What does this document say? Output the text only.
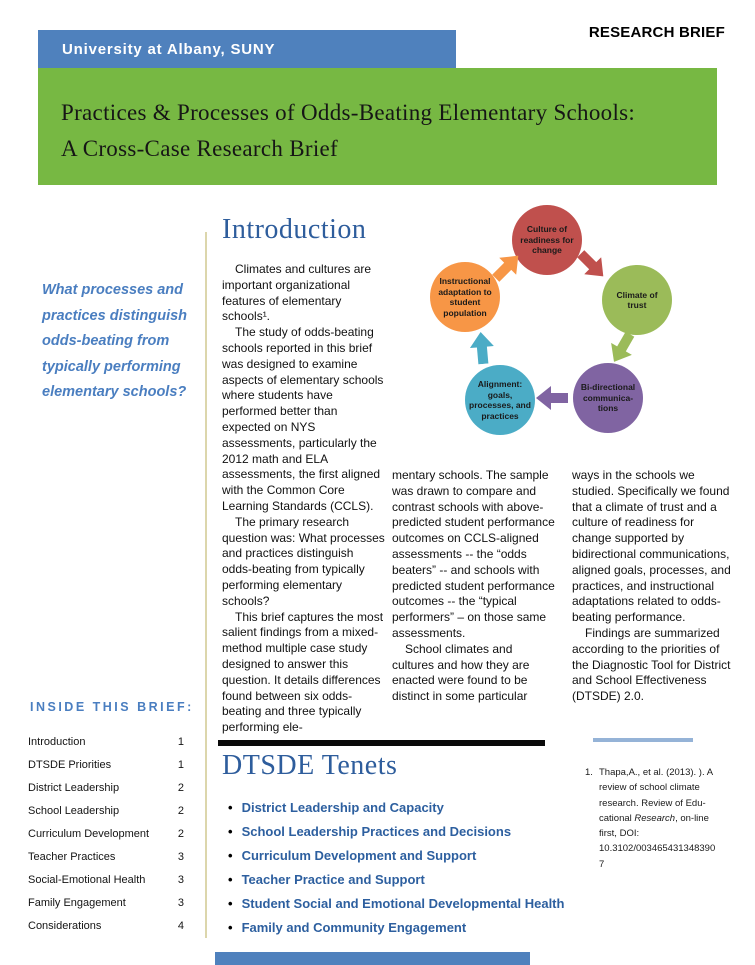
RESEARCH BRIEF
University at Albany, SUNY
Practices & Processes of Odds-Beating Elementary Schools:
A Cross-Case Research Brief
What processes and practices distinguish odds-beating from typically performing elementary schools?
INSIDE THIS BRIEF:
Introduction	1
DTSDE Priorities	1
District Leadership	2
School Leadership	2
Curriculum Development	2
Teacher Practices	3
Social-Emotional Health	3
Family Engagement	3
Considerations	4
Introduction

Climates and cultures are important organizational features of elementary schools¹.

The study of odds-beating schools reported in this brief was designed to examine aspects of elementary schools where students have performed better than expected on NYS assessments, particularly the 2012 math and ELA assessments, the first aligned with the Common Core Learning Standards (CCLS).

The primary research question was: What processes and practices distinguish odds-beating from typically performing elementary schools?

This brief captures the most salient findings from a mixed-method multiple case study designed to answer this question. It details differences found between six odds-beating and three typically performing ele-

mentary schools. The sample was drawn to compare and contrast schools with above-predicted student performance outcomes on CCLS-aligned assessments -- the “odds beaters” -- and schools with predicted student performance outcomes -- the “typical performers” – on those same assessments.

School climates and cultures and how they are enacted were found to be distinct in some particular

ways in the schools we studied. Specifically we found that a climate of trust and a culture of readiness for change supported by bidirectional communications, aligned goals, processes, and practices, and instructional adaptations related to odds-beating performance.

Findings are summarized according to the priorities of the Diagnostic Tool for District and School Effectiveness (DTSDE) 2.0.

Culture of readiness for change
Climate of trust
Bi-directional communica-tions
Alignment: goals, processes, and practices
Instructional adaptation to student population
DTSDE Tenets
• District Leadership and Capacity
• School Leadership Practices and Decisions
• Curriculum Development and Support
• Teacher Practice and Support
• Student Social and Emotional Developmental Health
• Family and Community Engagement
1. Thapa,A., et al. (2013). ). A review of school climate research. Review of Edu-cational Research, on-line first, DOI: 10.3102/0034654313483907
